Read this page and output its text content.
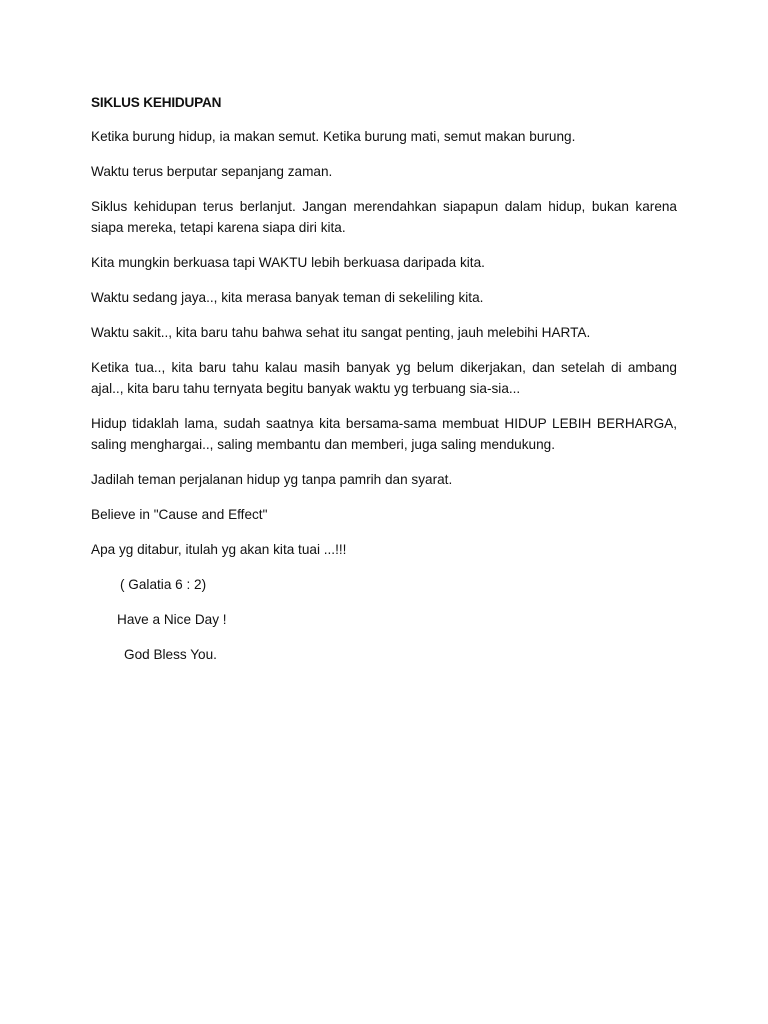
SIKLUS KEHIDUPAN
Ketika burung hidup, ia makan semut. Ketika burung mati, semut makan burung.
Waktu terus berputar sepanjang zaman.
Siklus kehidupan terus berlanjut. Jangan merendahkan siapapun dalam hidup, bukan karena siapa mereka, tetapi karena siapa diri kita.
Kita mungkin berkuasa tapi WAKTU lebih berkuasa daripada kita.
Waktu sedang jaya.., kita merasa banyak teman di sekeliling kita.
Waktu sakit.., kita baru tahu bahwa sehat itu sangat penting, jauh melebihi HARTA.
Ketika tua.., kita baru tahu kalau masih banyak yg belum dikerjakan, dan setelah di ambang ajal.., kita baru tahu ternyata begitu banyak waktu yg terbuang sia-sia...
Hidup tidaklah lama, sudah saatnya kita bersama-sama membuat HIDUP LEBIH BERHARGA, saling menghargai.., saling membantu dan memberi, juga saling mendukung.
Jadilah teman perjalanan hidup yg tanpa pamrih dan syarat.
Believe in "Cause and Effect"
Apa yg ditabur, itulah yg akan kita tuai ...!!!
( Galatia 6 : 2)
Have a Nice Day !
God Bless You.
